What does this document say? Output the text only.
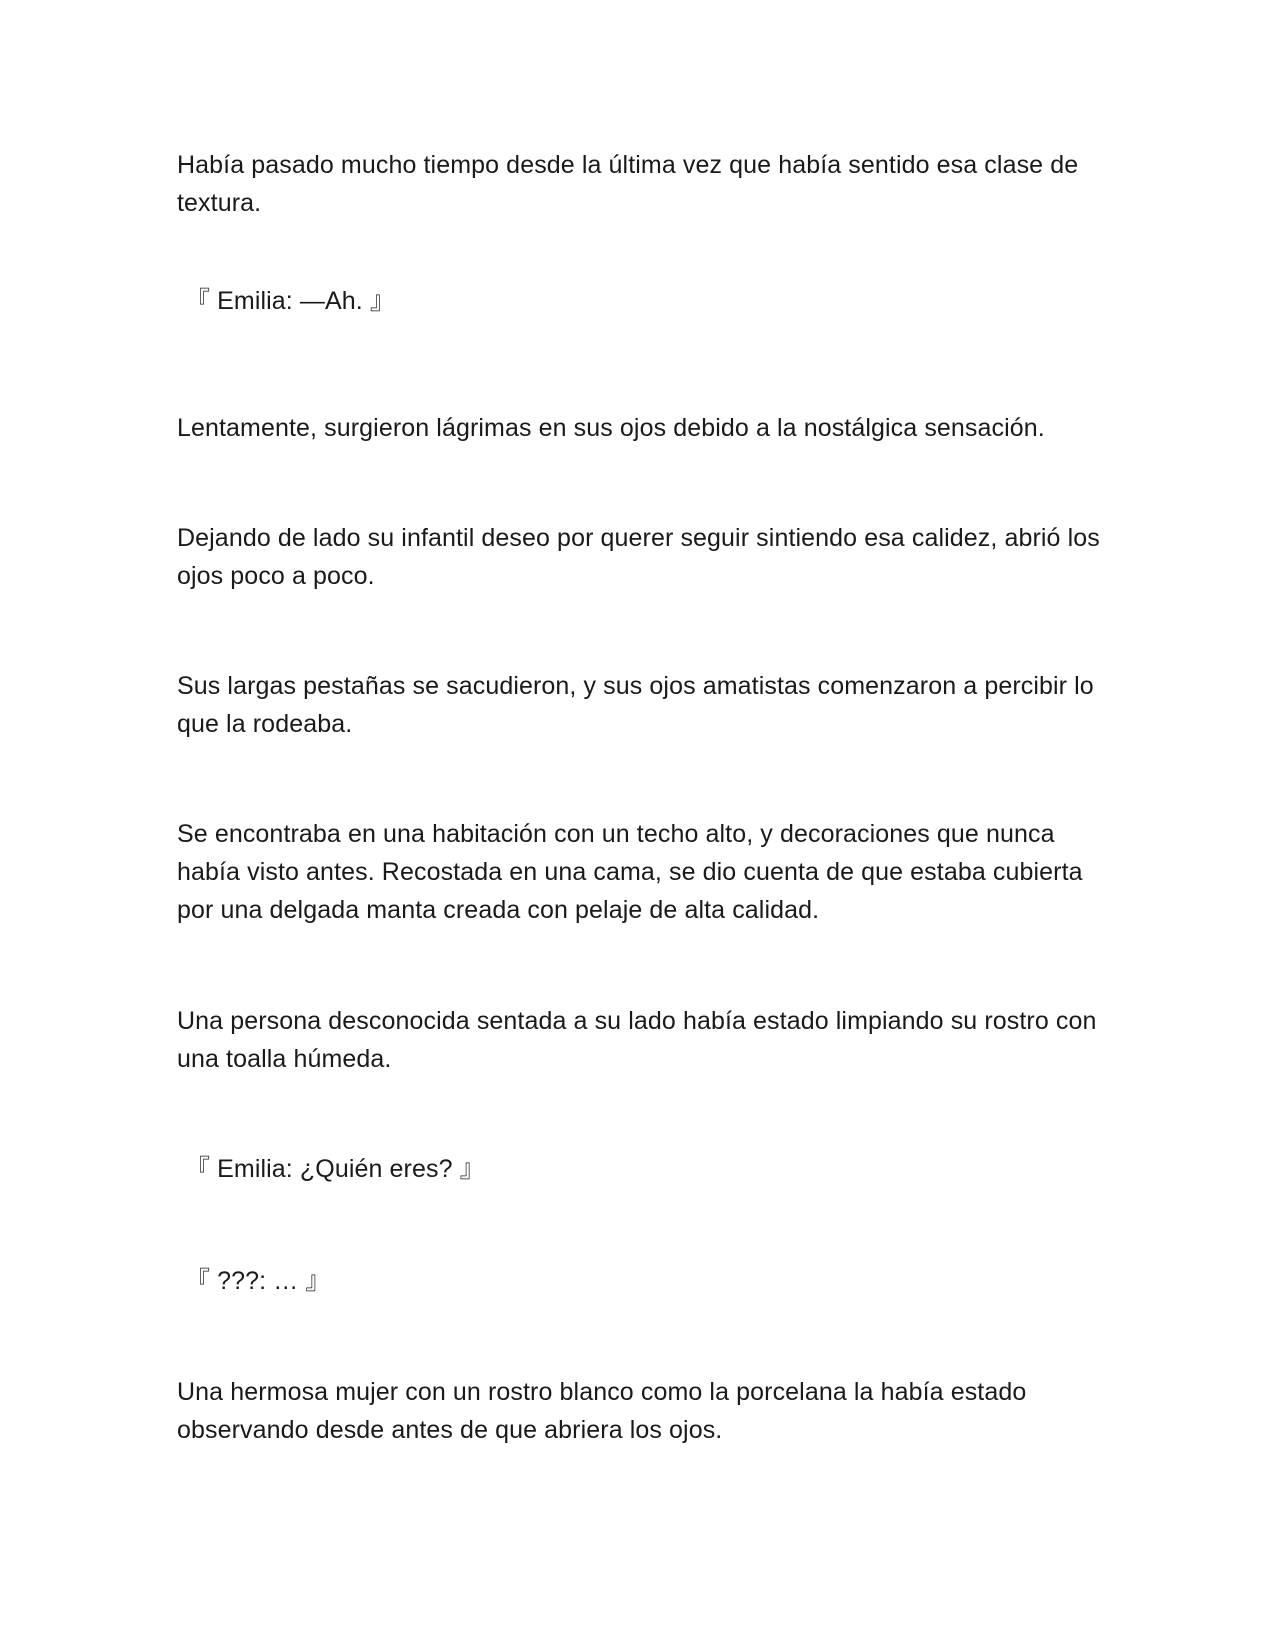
Había pasado mucho tiempo desde la última vez que había sentido esa clase de textura.

『 Emilia: —Ah. 』

Lentamente, surgieron lágrimas en sus ojos debido a la nostálgica sensación.

Dejando de lado su infantil deseo por querer seguir sintiendo esa calidez, abrió los ojos poco a poco.

Sus largas pestañas se sacudieron, y sus ojos amatistas comenzaron a percibir lo que la rodeaba.

Se encontraba en una habitación con un techo alto, y decoraciones que nunca había visto antes. Recostada en una cama, se dio cuenta de que estaba cubierta por una delgada manta creada con pelaje de alta calidad.

Una persona desconocida sentada a su lado había estado limpiando su rostro con una toalla húmeda.

『 Emilia: ¿Quién eres? 』

『 ???: … 』

Una hermosa mujer con un rostro blanco como la porcelana la había estado observando desde antes de que abriera los ojos.
